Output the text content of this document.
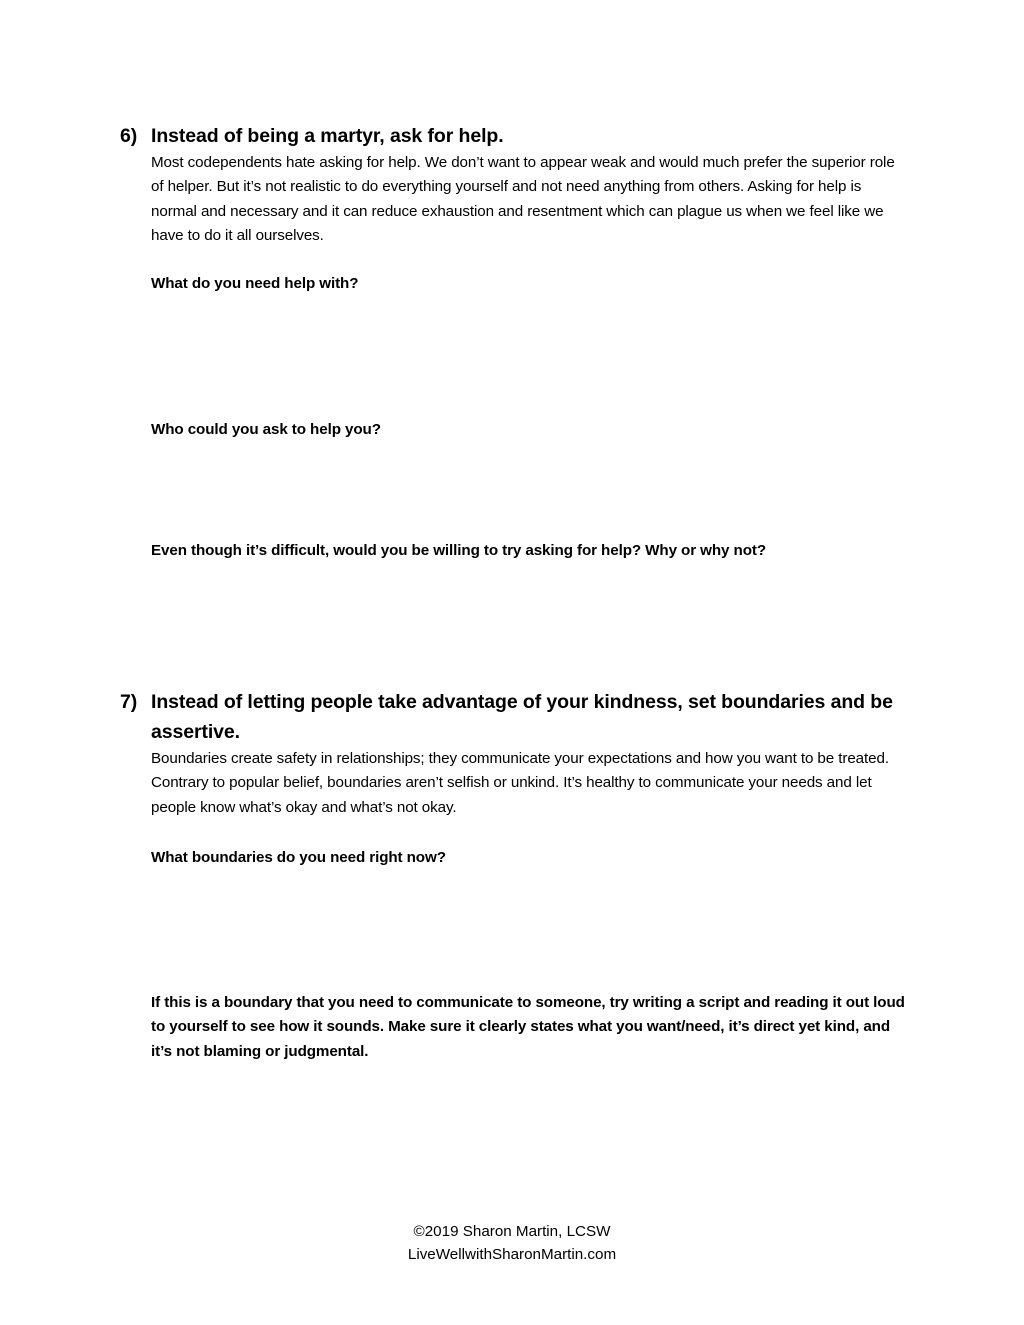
6) Instead of being a martyr, ask for help.
Most codependents hate asking for help. We don’t want to appear weak and would much prefer the superior role of helper. But it’s not realistic to do everything yourself and not need anything from others. Asking for help is normal and necessary and it can reduce exhaustion and resentment which can plague us when we feel like we have to do it all ourselves.
What do you need help with?
Who could you ask to help you?
Even though it’s difficult, would you be willing to try asking for help? Why or why not?
7) Instead of letting people take advantage of your kindness, set boundaries and be assertive.
Boundaries create safety in relationships; they communicate your expectations and how you want to be treated. Contrary to popular belief, boundaries aren’t selfish or unkind. It’s healthy to communicate your needs and let people know what’s okay and what’s not okay.
What boundaries do you need right now?
If this is a boundary that you need to communicate to someone, try writing a script and reading it out loud to yourself to see how it sounds. Make sure it clearly states what you want/need, it’s direct yet kind, and it’s not blaming or judgmental.
©2019 Sharon Martin, LCSW
LiveWellwithSharonMartin.com
